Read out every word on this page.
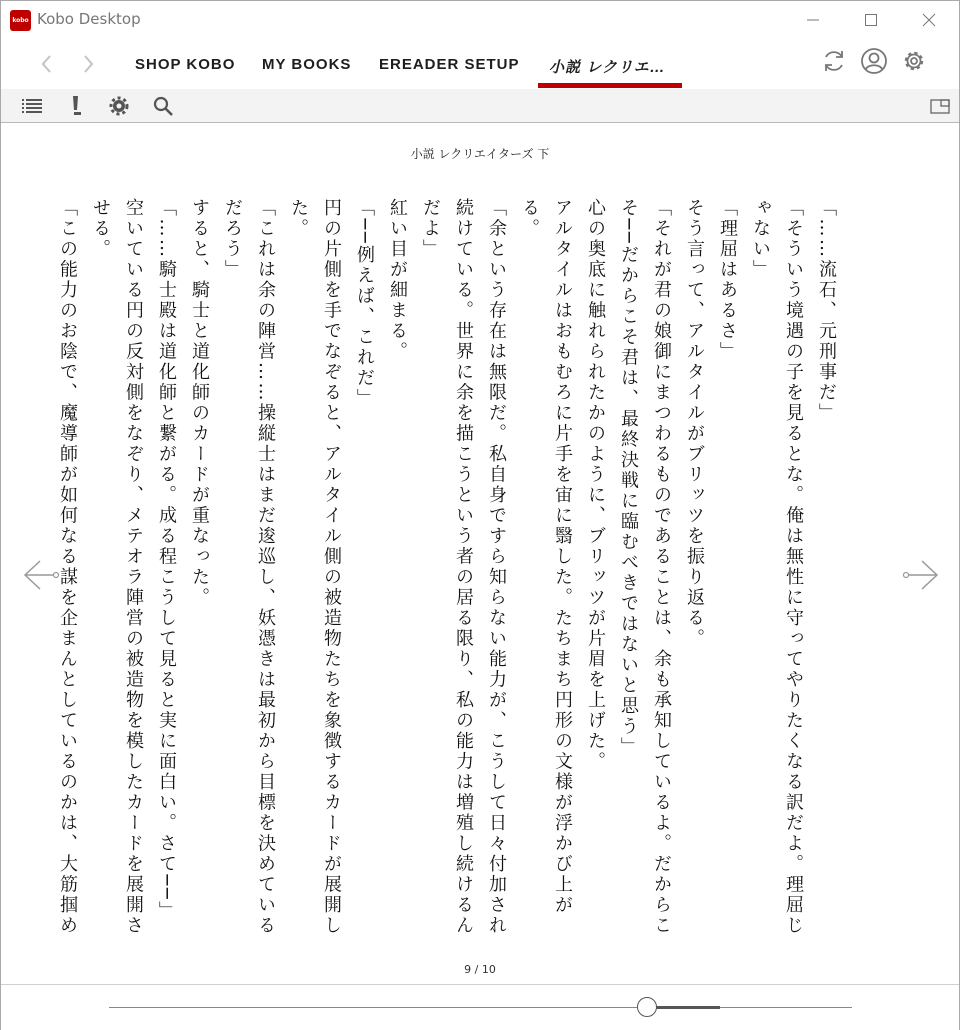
kobo Kobo Desktop
SHOP KOBO MY BOOKS EREADER SETUP 小説 レクリエ…
小説 レクリエイターズ 下

「……流石、元刑事だ」

「そういう境遇の子を見るとな。俺は無性に守ってやりたくなる訳だよ。理屈じゃない」

「理屈はあるさ」

そう言って、アルタイルがブリッツを振り返る。

「それが君の娘御にまつわるものであることは、余も承知しているよ。だからこそ──だからこそ君は、最終決戦に臨むべきではないと思う」

心の奥底に触れられたかのように、ブリッツが片眉を上げた。

アルタイルはおもむろに片手を宙に翳した。たちまち円形の文様が浮かび上がる。

「余という存在は無限だ。私自身ですら知らない能力が、こうして日々付加され続けている。世界に余を描こうという者の居る限り、私の能力は増殖し続けるんだよ」

紅い目が細まる。

「──例えば、これだ」

円の片側を手でなぞると、アルタイル側の被造物たちを象徴するカードが展開した。

「これは余の陣営……操縦士はまだ逡巡し、妖憑きは最初から目標を決めているだろう」

すると、騎士と道化師のカードが重なった。

「……騎士殿は道化師と繋がる。成る程こうして見ると実に面白い。さて──」

空いている円の反対側をなぞり、メテオラ陣営の被造物を模したカードを展開させる。

「この能力のお陰で、魔導師が如何なる謀を企まんとしているのかは、大筋掴め

9 / 10
